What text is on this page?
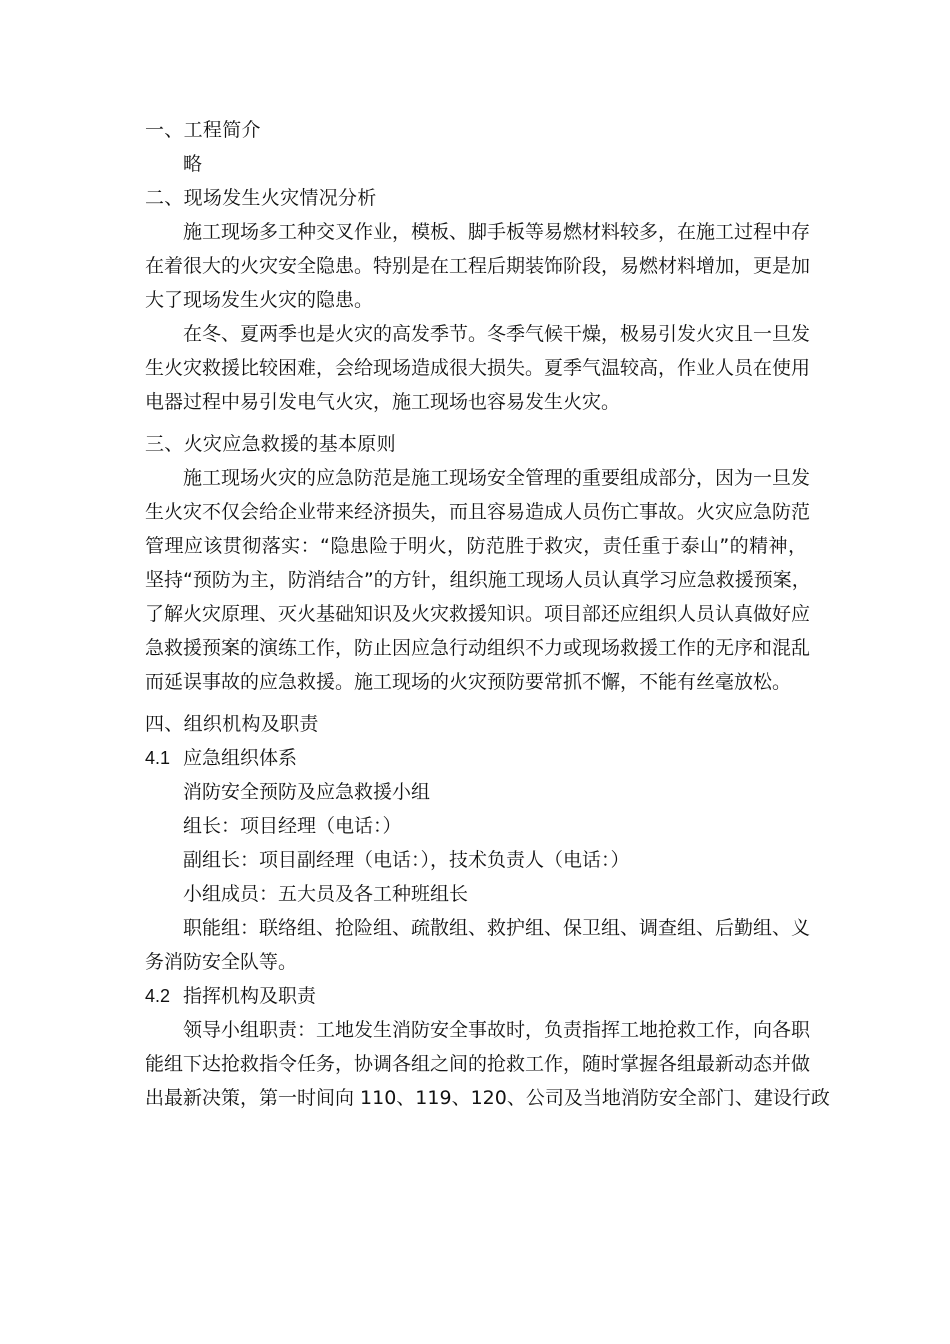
一、工程简介
略
二、现场发生火灾情况分析
施工现场多工种交叉作业，模板、脚手板等易燃材料较多，在施工过程中存
在着很大的火灾安全隐患。特别是在工程后期装饰阶段，易燃材料增加，更是加
大了现场发生火灾的隐患。
在冬、夏两季也是火灾的高发季节。冬季气候干燥，极易引发火灾且一旦发
生火灾救援比较困难，会给现场造成很大损失。夏季气温较高，作业人员在使用
电器过程中易引发电气火灾，施工现场也容易发生火灾。
三、火灾应急救援的基本原则
施工现场火灾的应急防范是施工现场安全管理的重要组成部分，因为一旦发
生火灾不仅会给企业带来经济损失，而且容易造成人员伤亡事故。火灾应急防范
管理应该贯彻落实：“隐患险于明火，防范胜于救灾，责任重于泰山”的精神，
坚持“预防为主，防消结合”的方针，组织施工现场人员认真学习应急救援预案，
了解火灾原理、灭火基础知识及火灾救援知识。项目部还应组织人员认真做好应
急救援预案的演练工作，防止因应急行动组织不力或现场救援工作的无序和混乱
而延误事故的应急救援。施工现场的火灾预防要常抓不懈，不能有丝毫放松。
四、组织机构及职责
4.1 应急组织体系
消防安全预防及应急救援小组
组长：项目经理（电话：）
副组长：项目副经理（电话：），技术负责人（电话：）
小组成员：五大员及各工种班组长
职能组：联络组、抢险组、疏散组、救护组、保卫组、调查组、后勤组、义
务消防安全队等。
4.2 指挥机构及职责
领导小组职责：工地发生消防安全事故时，负责指挥工地抢救工作，向各职
能组下达抢救指令任务，协调各组之间的抢救工作，随时掌握各组最新动态并做
出最新决策，第一时间向 110、119、120、公司及当地消防安全部门、建设行政
